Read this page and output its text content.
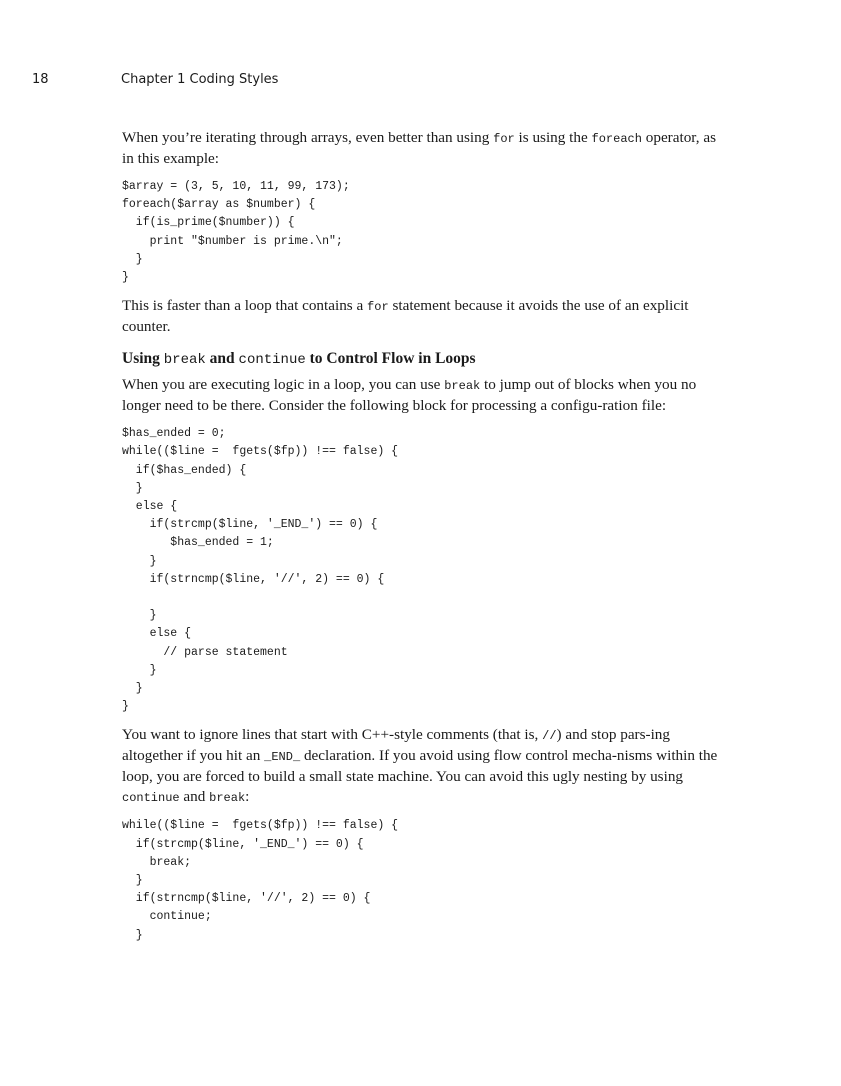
18	Chapter 1 Coding Styles

When you’re iterating through arrays, even better than using for is using the foreach operator, as in this example:

$array = (3, 5, 10, 11, 99, 173);
foreach($array as $number) {
if(is_prime($number)) {
print "$number is prime.\n";
}
}

This is faster than a loop that contains a for statement because it avoids the use of an explicit counter.

Using break and continue to Control Flow in Loops

When you are executing logic in a loop, you can use break to jump out of blocks when you no longer need to be there. Consider the following block for processing a configu-ration file:

$has_ended = 0;
while(($line =  fgets($fp)) !== false) {
if($has_ended) {
}
else {
if(strcmp($line, '_END_') == 0) {
$has_ended = 1;
}
if(strncmp($line, '//', 2) == 0) {

}
else {
// parse statement
}
}
}

You want to ignore lines that start with C++-style comments (that is, //) and stop pars-ing altogether if you hit an _END_ declaration. If you avoid using flow control mecha-nisms within the loop, you are forced to build a small state machine. You can avoid this ugly nesting by using continue and break:

while(($line =  fgets($fp)) !== false) {
if(strcmp($line, '_END_') == 0) {
break;
}
if(strncmp($line, '//', 2) == 0) {
continue;
}
